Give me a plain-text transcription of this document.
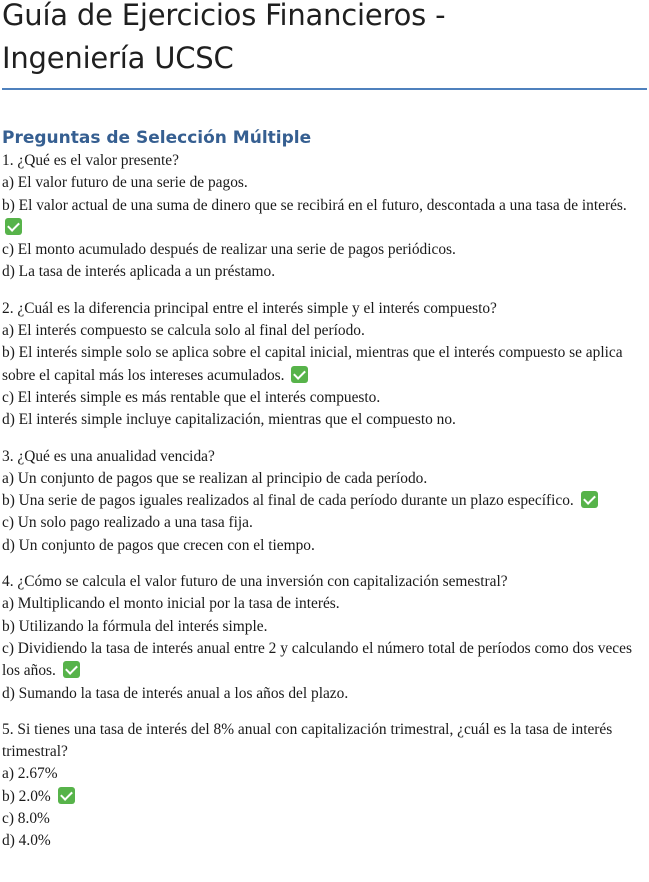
Guía de Ejercicios Financieros -
Ingeniería UCSC
Preguntas de Selección Múltiple
1. ¿Qué es el valor presente?
a) El valor futuro de una serie de pagos.
b) El valor actual de una suma de dinero que se recibirá en el futuro, descontada a una tasa de interés.
c) El monto acumulado después de realizar una serie de pagos periódicos.
d) La tasa de interés aplicada a un préstamo.
2. ¿Cuál es la diferencia principal entre el interés simple y el interés compuesto?
a) El interés compuesto se calcula solo al final del período.
b) El interés simple solo se aplica sobre el capital inicial, mientras que el interés compuesto se aplica sobre el capital más los intereses acumulados.
c) El interés simple es más rentable que el interés compuesto.
d) El interés simple incluye capitalización, mientras que el compuesto no.
3. ¿Qué es una anualidad vencida?
a) Un conjunto de pagos que se realizan al principio de cada período.
b) Una serie de pagos iguales realizados al final de cada período durante un plazo específico.
c) Un solo pago realizado a una tasa fija.
d) Un conjunto de pagos que crecen con el tiempo.
4. ¿Cómo se calcula el valor futuro de una inversión con capitalización semestral?
a) Multiplicando el monto inicial por la tasa de interés.
b) Utilizando la fórmula del interés simple.
c) Dividiendo la tasa de interés anual entre 2 y calculando el número total de períodos como dos veces los años.
d) Sumando la tasa de interés anual a los años del plazo.
5. Si tienes una tasa de interés del 8% anual con capitalización trimestral, ¿cuál es la tasa de interés trimestral?
a) 2.67%
b) 2.0%
c) 8.0%
d) 4.0%
